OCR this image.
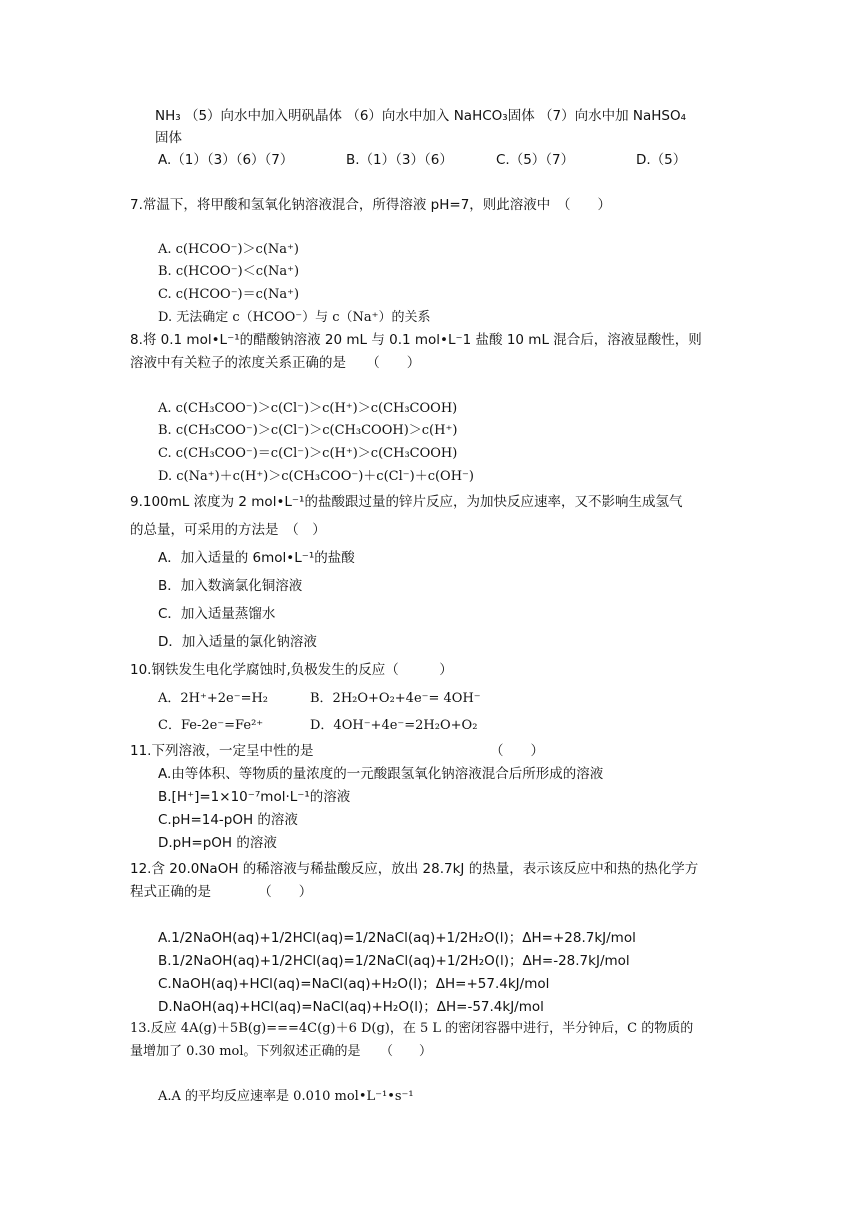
NH₃ （5）向水中加入明矾晶体 （6）向水中加入 NaHCO₃固体 （7）向水中加 NaHSO₄
固体
A.（1）（3）（6）（7）	B.（1）（3）（6）	C.（5）（7）	D.（5）
7.常温下，将甲酸和氢氧化钠溶液混合，所得溶液 pH=7，则此溶液中　（　　）
A. c(HCOO⁻)＞c(Na⁺)
B. c(HCOO⁻)＜c(Na⁺)
C. c(HCOO⁻)＝c(Na⁺)
D. 无法确定 c（HCOO⁻）与 c（Na⁺）的关系
8.将 0.1 mol•L⁻¹的醋酸钠溶液 20 mL 与 0.1 mol•L⁻1 盐酸 10 mL 混合后，溶液显酸性，则
溶液中有关粒子的浓度关系正确的是　　（　　）
A. c(CH₃COO⁻)＞c(Cl⁻)＞c(H⁺)＞c(CH₃COOH)
B. c(CH₃COO⁻)＞c(Cl⁻)＞c(CH₃COOH)＞c(H⁺)
C. c(CH₃COO⁻)＝c(Cl⁻)＞c(H⁺)＞c(CH₃COOH)
D. c(Na⁺)＋c(H⁺)＞c(CH₃COO⁻)＋c(Cl⁻)＋c(OH⁻)
9.100mL 浓度为 2 mol•L⁻¹的盐酸跟过量的锌片反应，为加快反应速率，又不影响生成氢气
的总量，可采用的方法是　（　）
A．加入适量的 6mol•L⁻¹的盐酸
B．加入数滴氯化铜溶液
C．加入适量蒸馏水
D．加入适量的氯化钠溶液
10.钢铁发生电化学腐蚀时,负极发生的反应（　　　）
A．2H⁺+2e⁻=H₂	B．2H₂O+O₂+4e⁻= 4OH⁻
C．Fe-2e⁻=Fe²⁺	D．4OH⁻+4e⁻=2H₂O+O₂
11.下列溶液，一定呈中性的是	（　　）
A.由等体积、等物质的量浓度的一元酸跟氢氧化钠溶液混合后所形成的溶液
B.[H⁺]=1×10⁻⁷mol·L⁻¹的溶液
C.pH=14-pOH 的溶液
D.pH=pOH 的溶液
12.含 20.0NaOH 的稀溶液与稀盐酸反应，放出 28.7kJ 的热量，表示该反应中和热的热化学方
程式正确的是　　　　（　　）
A.1/2NaOH(aq)+1/2HCl(aq)=1/2NaCl(aq)+1/2H₂O(l)；ΔH=+28.7kJ/mol
B.1/2NaOH(aq)+1/2HCl(aq)=1/2NaCl(aq)+1/2H₂O(l)；ΔH=-28.7kJ/mol
C.NaOH(aq)+HCl(aq)=NaCl(aq)+H₂O(l)；ΔH=+57.4kJ/mol
D.NaOH(aq)+HCl(aq)=NaCl(aq)+H₂O(l)；ΔH=-57.4kJ/mol
13.反应 4A(g)＋5B(g)===4C(g)＋6 D(g)，在 5 L 的密闭容器中进行，半分钟后，C 的物质的
量增加了 0.30 mol。下列叙述正确的是　　（　　）
A.A 的平均反应速率是 0.010 mol•L⁻¹•s⁻¹
